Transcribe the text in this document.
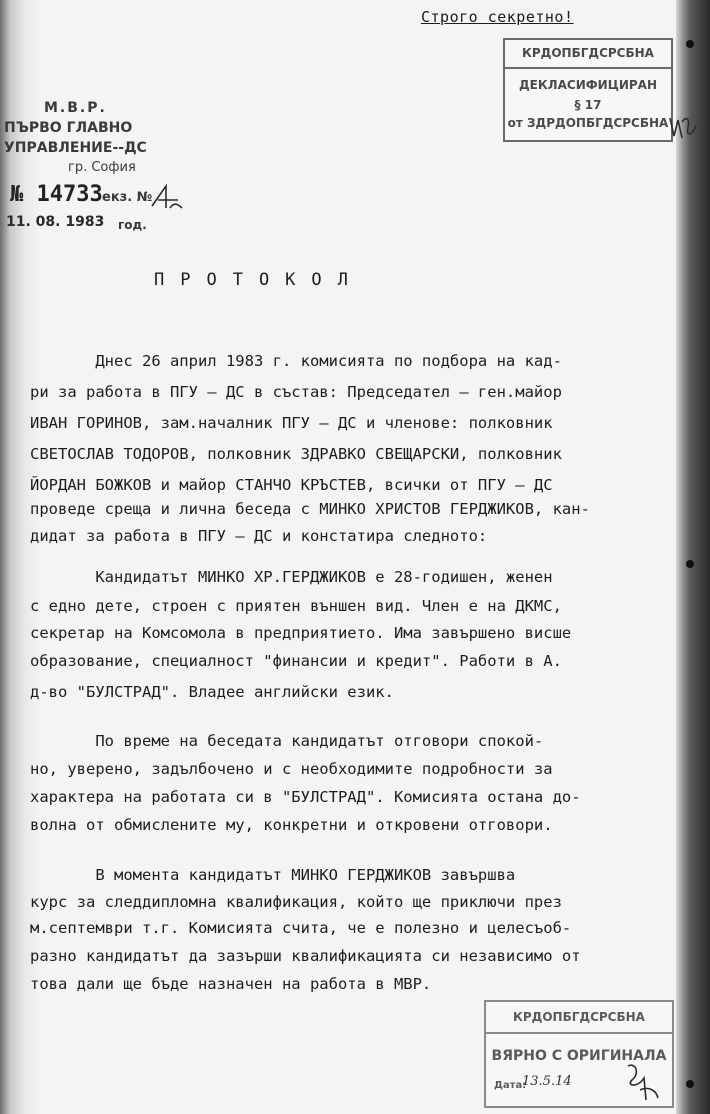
Строго секретно!
КРДОПБГДСРСБНА
ДЕКЛАСИФИЦИРАН
§ 17
от ЗДРДОПБГДСРСБНА
М.В.Р.
ПЪРВО ГЛАВНО
УПРАВЛЕНИЕ--ДС
гр. София
№ 14733 екз. №
11. 08. 1983 год.
ПРОТОКОЛ
Днес 26 април 1983 г. комисията по подбора на кад-
ри за работа в ПГУ – ДС в състав: Председател – ген.майор
ИВАН ГОРИНОВ, зам.началник ПГУ – ДС и членове: полковник
СВЕТОСЛАВ ТОДОРОВ, полковник ЗДРАВКО СВЕЩАРСКИ, полковник
ЙОРДАН БОЖКОВ и майор СТАНЧО КРЪСТЕВ, всички от ПГУ – ДС
проведе среща и лична беседа с МИНКО ХРИСТОВ ГЕРДЖИКОВ, кан-
дидат за работа в ПГУ – ДС и констатира следното:
Кандидатът МИНКО ХР.ГЕРДЖИКОВ е 28-годишен, женен
с едно дете, строен с приятен външен вид. Член е на ДКМС,
секретар на Комсомола в предприятието. Има завършено висше
образование, специалност "финансии и кредит". Работи в А.
д-во "БУЛСТРАД". Владее английски език.
По време на беседата кандидатът отговори спокой-
но, уверено, задълбочено и с необходимите подробности за
характера на работата си в "БУЛСТРАД". Комисията остана до-
волна от обмислените му, конкретни и откровени отговори.
В момента кандидатът МИНКО ГЕРДЖИКОВ завършва
курс за следдипломна квалификация, който ще приключи през
м.септември т.г. Комисията счита, че е полезно и целесъоб-
разно кандидатът да зазърши квалификацията си независимо от
това дали ще бъде назначен на работа в МВР.
КРДОПБГДСРСБНА
ВЯРНО С ОРИГИНАЛА
Дата:
13.5.14
